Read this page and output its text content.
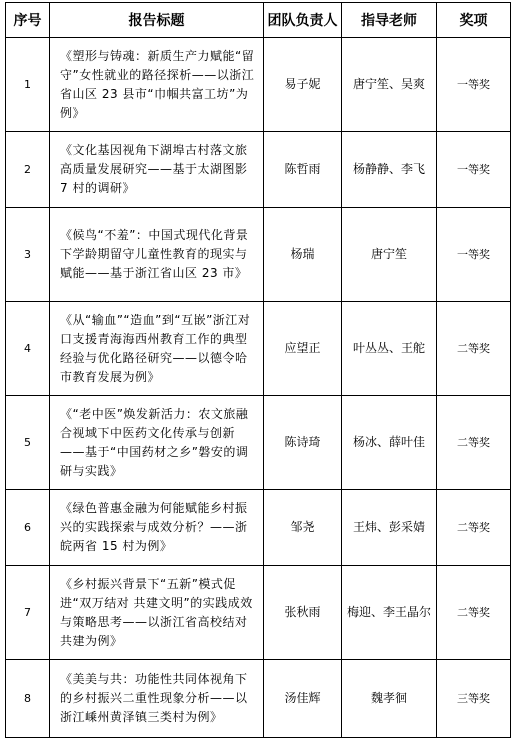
序号	报告标题	团队负责人	指导老师	奖项
1	《塑形与铸魂：新质生产力赋能“留守”女性就业的路径探析——以浙江省山区 23 县市“巾帼共富工坊”为例》	易子妮	唐宁笙、吴爽	一等奖
2	《文化基因视角下湖埠古村落文旅高质量发展研究——基于太湖图影 7 村的调研》	陈哲雨	杨静静、李飞	一等奖
3	《候鸟“不羞”：中国式现代化背景下学龄期留守儿童性教育的现实与赋能——基于浙江省山区 23 市》	杨瑞	唐宁笙	一等奖
4	《从“输血”“造血”到“互嵌”浙江对口支援青海海西州教育工作的典型经验与优化路径研究——以德令哈市教育发展为例》	应望正	叶丛丛、王舵	二等奖
5	《“老中医”焕发新活力：农文旅融合视域下中医药文化传承与创新——基于“中国药材之乡”磐安的调研与实践》	陈诗琦	杨冰、薛叶佳	二等奖
6	《绿色普惠金融为何能赋能乡村振兴的实践探索与成效分析？——浙皖两省 15 村为例》	邹尧	王炜、彭采婧	二等奖
7	《乡村振兴背景下“五新”模式促进“双万结对 共建文明”的实践成效与策略思考——以浙江省高校结对共建为例》	张秋雨	梅迎、李王晶尔	二等奖
8	《美美与共：功能性共同体视角下的乡村振兴二重性现象分析——以浙江嵊州黄泽镇三类村为例》	汤佳辉	魏孝徊	三等奖
